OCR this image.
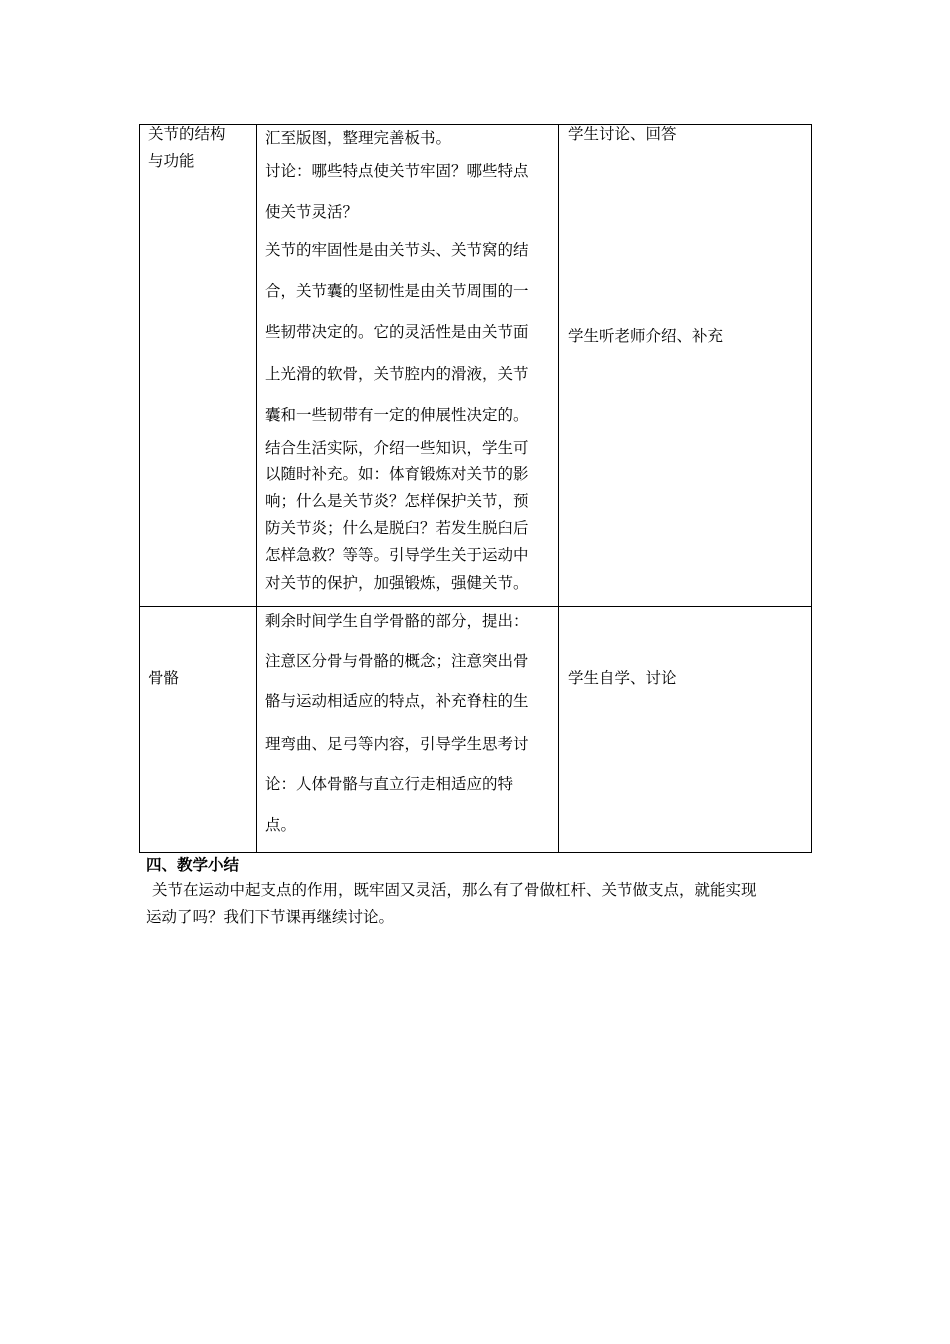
关节的结构
与功能
汇至版图，整理完善板书。
讨论：哪些特点使关节牢固？哪些特点
使关节灵活？
关节的牢固性是由关节头、关节窝的结
合，关节囊的坚韧性是由关节周围的一
些韧带决定的。它的灵活性是由关节面
上光滑的软骨，关节腔内的滑液，关节
囊和一些韧带有一定的伸展性决定的。
结合生活实际，介绍一些知识，学生可
以随时补充。如：体育锻炼对关节的影
响；什么是关节炎？怎样保护关节，预
防关节炎；什么是脱臼？若发生脱臼后
怎样急救？等等。引导学生关于运动中
对关节的保护，加强锻炼，强健关节。
学生讨论、回答
学生听老师介绍、补充
骨骼
剩余时间学生自学骨骼的部分，提出：
注意区分骨与骨骼的概念；注意突出骨
骼与运动相适应的特点，补充脊柱的生
理弯曲、足弓等内容，引导学生思考讨
论：人体骨骼与直立行走相适应的特
点。
学生自学、讨论
四、教学小结
关节在运动中起支点的作用，既牢固又灵活，那么有了骨做杠杆、关节做支点，就能实现
运动了吗？我们下节课再继续讨论。
